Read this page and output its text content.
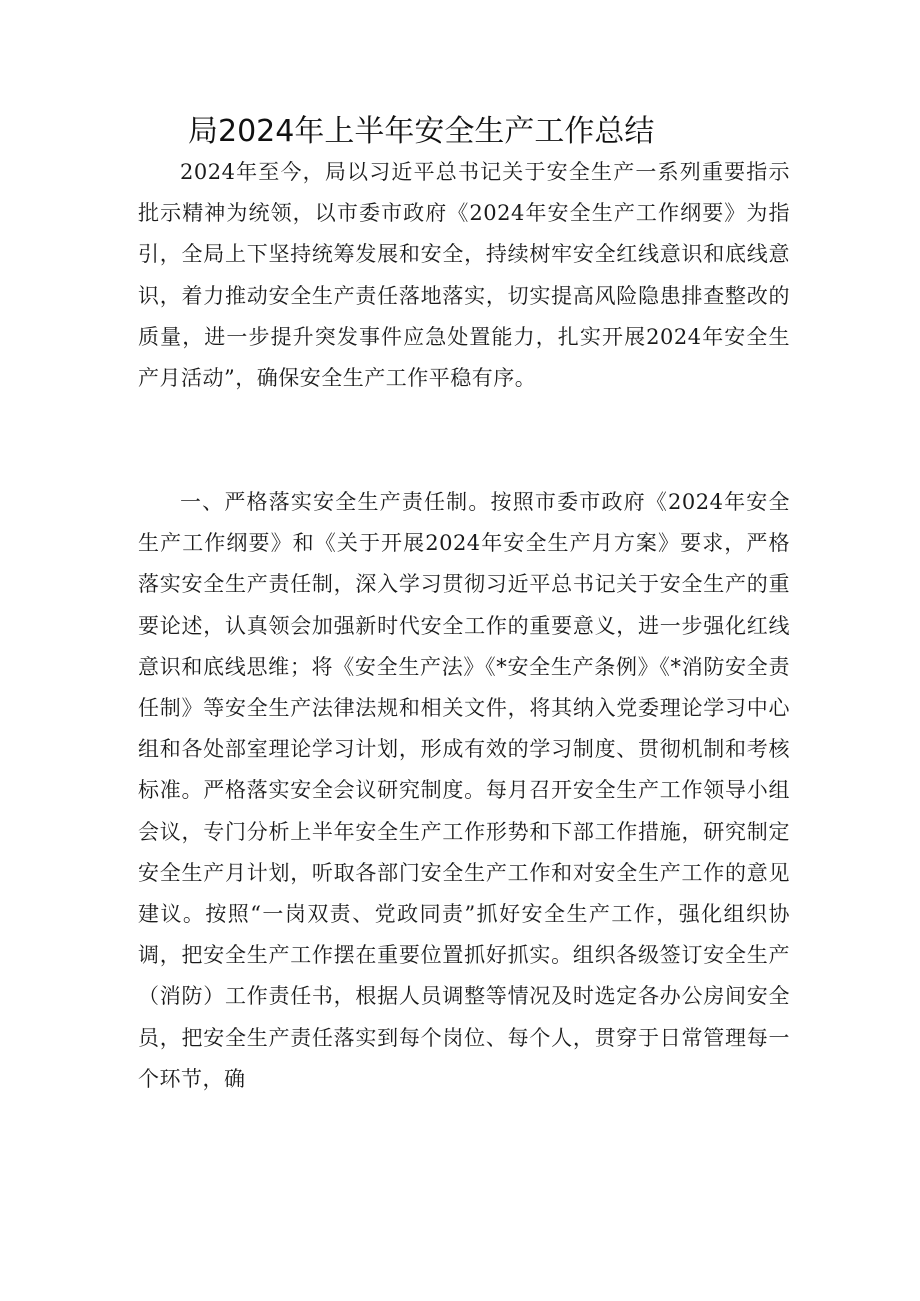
局2024年上半年安全生产工作总结

2024年至今，局以习近平总书记关于安全生产一系列重要指示批示精神为统领，以市委市政府《2024年安全生产工作纲要》为指引，全局上下坚持统筹发展和安全，持续树牢安全红线意识和底线意识，着力推动安全生产责任落地落实，切实提高风险隐患排查整改的质量，进一步提升突发事件应急处置能力，扎实开展2024年安全生产月活动”，确保安全生产工作平稳有序。

一、严格落实安全生产责任制。按照市委市政府《2024年安全生产工作纲要》和《关于开展2024年安全生产月方案》要求，严格落实安全生产责任制，深入学习贯彻习近平总书记关于安全生产的重要论述，认真领会加强新时代安全工作的重要意义，进一步强化红线意识和底线思维；将《安全生产法》《*安全生产条例》《*消防安全责任制》等安全生产法律法规和相关文件，将其纳入党委理论学习中心组和各处部室理论学习计划，形成有效的学习制度、贯彻机制和考核标准。严格落实安全会议研究制度。每月召开安全生产工作领导小组会议，专门分析上半年安全生产工作形势和下部工作措施，研究制定安全生产月计划，听取各部门安全生产工作和对安全生产工作的意见建议。按照“一岗双责、党政同责”抓好安全生产工作，强化组织协调，把安全生产工作摆在重要位置抓好抓实。组织各级签订安全生产（消防）工作责任书，根据人员调整等情况及时选定各办公房间安全员，把安全生产责任落实到每个岗位、每个人，贯穿于日常管理每一个环节，确
